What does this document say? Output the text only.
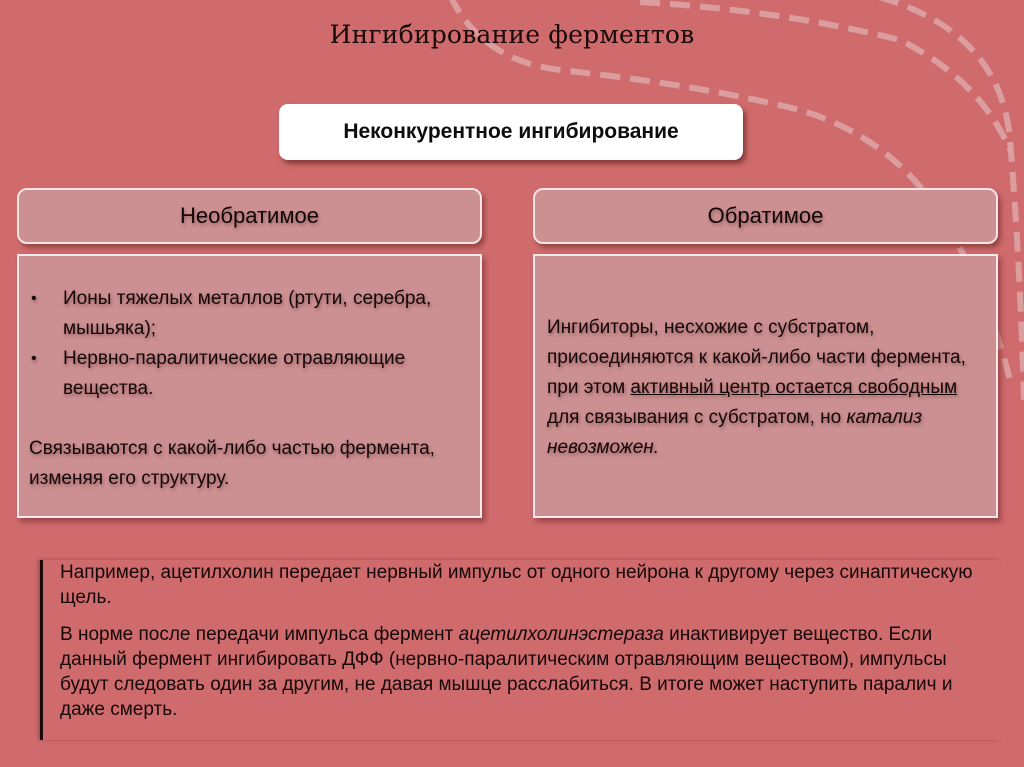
Ингибирование ферментов
Неконкурентное ингибирование
Необратимое	Обратимое
• Ионы тяжелых металлов (ртути, серебра, мышьяка);
• Нервно-паралитические отравляющие вещества.
Связываются с какой-либо частью фермента, изменяя его структуру.
Ингибиторы, несхожие с субстратом, присоединяются к какой-либо части фермента, при этом активный центр остается свободным для связывания с субстратом, но катализ невозможен.

Например, ацетилхолин передает нервный импульс от одного нейрона к другому через синаптическую щель.

В норме после передачи импульса фермент ацетилхолинэстераза инактивирует вещество. Если данный фермент ингибировать ДФФ (нервно-паралитическим отравляющим веществом), импульсы будут следовать один за другим, не давая мышце расслабиться. В итоге может наступить паралич и даже смерть.
